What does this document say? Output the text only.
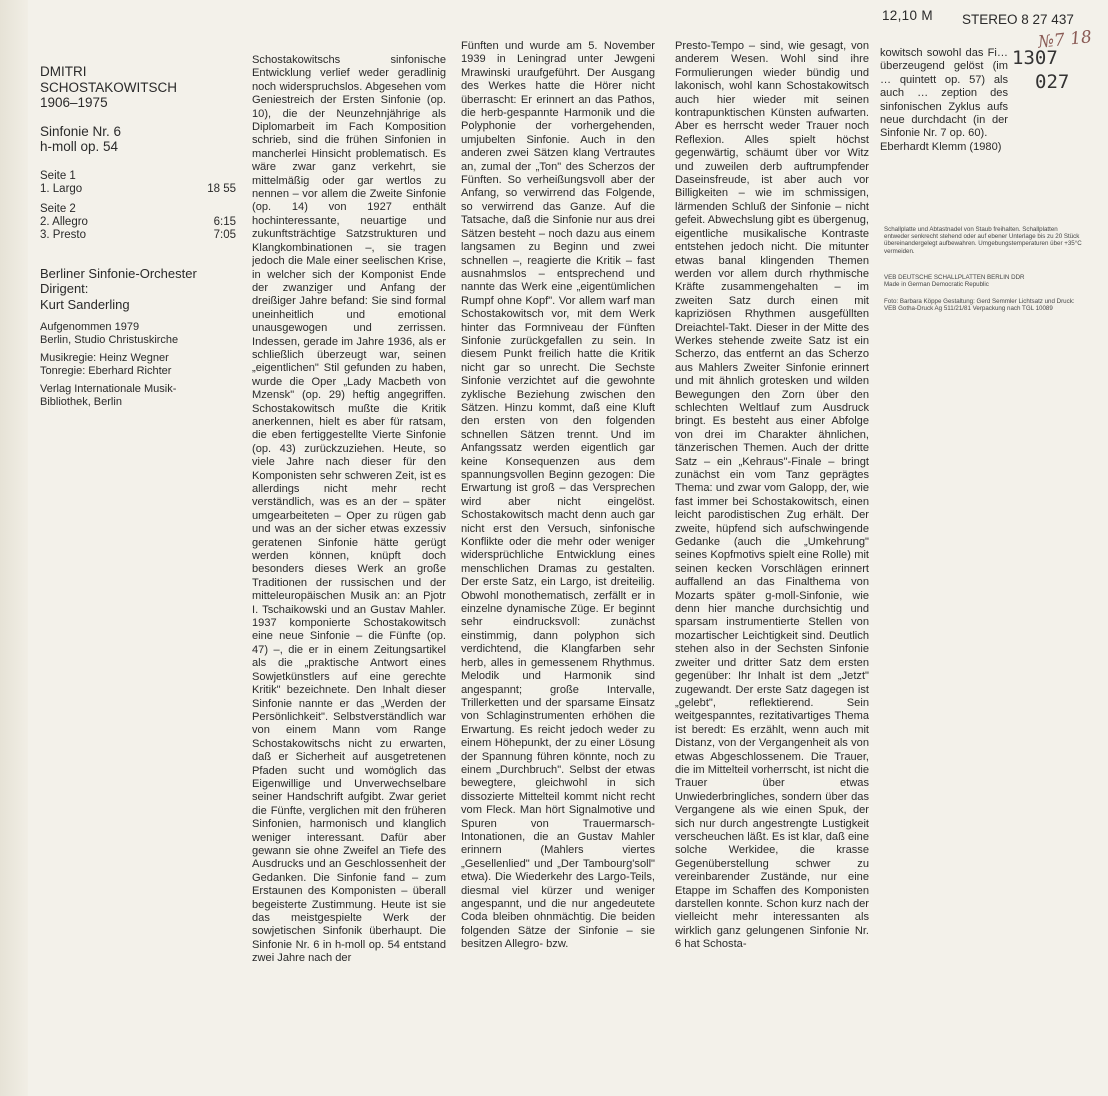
12,10 M	STEREO 8 27 437
№7 18
1307
027
DMITRI
SCHOSTAKOWITSCH
1906–1975
Sinfonie Nr. 6
h-moll op. 54
Seite 1
1. Largo	18 55
Seite 2
2. Allegro	6:15
3. Presto	7:05
Berliner Sinfonie-Orchester
Dirigent:
Kurt Sanderling
Aufgenommen 1979
Berlin, Studio Christuskirche
Musikregie: Heinz Wegner
Tonregie: Eberhard Richter
Verlag Internationale Musik-
Bibliothek, Berlin

Schostakowitschs sinfonische Entwicklung verlief weder geradlinig noch widerspruchslos. Abgesehen vom Geniestreich der Ersten Sinfonie (op. 10), die der Neunzehnjährige als Diplomarbeit im Fach Komposition schrieb, sind die frühen Sinfonien in mancherlei Hinsicht problematisch. Es wäre zwar ganz verkehrt, sie mittelmäßig oder gar wertlos zu nennen – vor allem die Zweite Sinfonie (op. 14) von 1927 enthält hochinteressante, neuartige und zukunftsträchtige Satzstrukturen und Klangkombinationen –, sie tragen jedoch die Male einer seelischen Krise, in welcher sich der Komponist Ende der zwanziger und Anfang der dreißiger Jahre befand: Sie sind formal uneinheitlich und emotional unausgewogen und zerrissen. Indessen, gerade im Jahre 1936, als er schließlich überzeugt war, seinen „eigentlichen" Stil gefunden zu haben, wurde die Oper „Lady Macbeth von Mzensk" (op. 29) heftig angegriffen. Schostakowitsch mußte die Kritik anerkennen, hielt es aber für ratsam, die eben fertiggestellte Vierte Sinfonie (op. 43) zurückzuziehen. Heute, so viele Jahre nach dieser für den Komponisten sehr schweren Zeit, ist es allerdings nicht mehr recht verständlich, was es an der – später umgearbeiteten – Oper zu rügen gab und was an der sicher etwas exzessiv geratenen Sinfonie hätte gerügt werden können, knüpft doch besonders dieses Werk an große Traditionen der russischen und der mitteleuropäischen Musik an: an Pjotr I. Tschaikowski und an Gustav Mahler. 1937 komponierte Schostakowitsch eine neue Sinfonie – die Fünfte (op. 47) –, die er in einem Zeitungsartikel als die „praktische Antwort eines Sowjetkünstlers auf eine gerechte Kritik" bezeichnete. Den Inhalt dieser Sinfonie nannte er das „Werden der Persönlichkeit". Selbstverständlich war von einem Mann vom Range Schostakowitschs nicht zu erwarten, daß er Sicherheit auf ausgetretenen Pfaden sucht und womöglich das Eigenwillige und Unverwechselbare seiner Handschrift aufgibt. Zwar geriet die Fünfte, verglichen mit den früheren Sinfonien, harmonisch und klanglich weniger interessant. Dafür aber gewann sie ohne Zweifel an Tiefe des Ausdrucks und an Geschlossenheit der Gedanken. Die Sinfonie fand – zum Erstaunen des Komponisten – überall begeisterte Zustimmung. Heute ist sie das meistgespielte Werk der sowjetischen Sinfonik überhaupt. Die Sinfonie Nr. 6 in h-moll op. 54 entstand zwei Jahre nach der

Fünften und wurde am 5. November 1939 in Leningrad unter Jewgeni Mrawinski uraufgeführt. Der Ausgang des Werkes hatte die Hörer nicht überrascht: Er erinnert an das Pathos, die herb-gespannte Harmonik und die Polyphonie der vorhergehenden, umjubelten Sinfonie. Auch in den anderen zwei Sätzen klang Vertrautes an, zumal der „Ton" des Scherzos der Fünften. So verheißungsvoll aber der Anfang, so verwirrend das Folgende, so verwirrend das Ganze. Auf die Tatsache, daß die Sinfonie nur aus drei Sätzen besteht – noch dazu aus einem langsamen zu Beginn und zwei schnellen –, reagierte die Kritik – fast ausnahmslos – entsprechend und nannte das Werk eine „eigentümlichen Rumpf ohne Kopf". Vor allem warf man Schostakowitsch vor, mit dem Werk hinter das Formniveau der Fünften Sinfonie zurückgefallen zu sein. In diesem Punkt freilich hatte die Kritik nicht gar so unrecht. Die Sechste Sinfonie verzichtet auf die gewohnte zyklische Beziehung zwischen den Sätzen. Hinzu kommt, daß eine Kluft den ersten von den folgenden schnellen Sätzen trennt. Und im Anfangssatz werden eigentlich gar keine Konsequenzen aus dem spannungsvollen Beginn gezogen: Die Erwartung ist groß – das Versprechen wird aber nicht eingelöst. Schostakowitsch macht denn auch gar nicht erst den Versuch, sinfonische Konflikte oder die mehr oder weniger widersprüchliche Entwicklung eines menschlichen Dramas zu gestalten. Der erste Satz, ein Largo, ist dreiteilig. Obwohl monothematisch, zerfällt er in einzelne dynamische Züge. Er beginnt sehr eindrucksvoll: zunächst einstimmig, dann polyphon sich verdichtend, die Klangfarben sehr herb, alles in gemessenem Rhythmus. Melodik und Harmonik sind angespannt; große Intervalle, Trillerketten und der sparsame Einsatz von Schlaginstrumenten erhöhen die Erwartung. Es reicht jedoch weder zu einem Höhepunkt, der zu einer Lösung der Spannung führen könnte, noch zu einem „Durchbruch". Selbst der etwas bewegtere, gleichwohl in sich dissozierte Mittelteil kommt nicht recht vom Fleck. Man hört Signalmotive und Spuren von Trauermarsch-Intonationen, die an Gustav Mahler erinnern (Mahlers viertes „Gesellenlied" und „Der Tambourg'soll" etwa). Die Wiederkehr des Largo-Teils, diesmal viel kürzer und weniger angespannt, und die nur angedeutete Coda bleiben ohnmächtig. Die beiden folgenden Sätze der Sinfonie – sie besitzen Allegro- bzw.

Presto-Tempo – sind, wie gesagt, von anderem Wesen. Wohl sind ihre Formulierungen wieder bündig und lakonisch, wohl kann Schostakowitsch auch hier wieder mit seinen kontrapunktischen Künsten aufwarten. Aber es herrscht weder Trauer noch Reflexion. Alles spielt höchst gegenwärtig, schäumt über vor Witz und zuweilen derb auftrumpfender Daseinsfreude, ist aber auch vor Billigkeiten – wie im schmissigen, lärmenden Schluß der Sinfonie – nicht gefeit. Abwechslung gibt es übergenug, eigentliche musikalische Kontraste entstehen jedoch nicht. Die mitunter etwas banal klingenden Themen werden vor allem durch rhythmische Kräfte zusammengehalten – im zweiten Satz durch einen mit kapriziösen Rhythmen ausgefüllten Dreiachtel-Takt. Dieser in der Mitte des Werkes stehende zweite Satz ist ein Scherzo, das entfernt an das Scherzo aus Mahlers Zweiter Sinfonie erinnert und mit ähnlich grotesken und wilden Bewegungen den Zorn über den schlechten Weltlauf zum Ausdruck bringt. Es besteht aus einer Abfolge von drei im Charakter ähnlichen, tänzerischen Themen. Auch der dritte Satz – ein „Kehraus"-Finale – bringt zunächst ein vom Tanz geprägtes Thema: und zwar vom Galopp, der, wie fast immer bei Schostakowitsch, einen leicht parodistischen Zug erhält. Der zweite, hüpfend sich aufschwingende Gedanke (auch die „Umkehrung" seines Kopfmotivs spielt eine Rolle) mit seinen kecken Vorschlägen erinnert auffallend an das Finalthema von Mozarts später g-moll-Sinfonie, wie denn hier manche durchsichtig und sparsam instrumentierte Stellen von mozartischer Leichtigkeit sind. Deutlich stehen also in der Sechsten Sinfonie zweiter und dritter Satz dem ersten gegenüber: Ihr Inhalt ist dem „Jetzt" zugewandt. Der erste Satz dagegen ist „gelebt", reflektierend. Sein weitgespanntes, rezitativartiges Thema ist beredt: Es erzählt, wenn auch mit Distanz, von der Vergangenheit als von etwas Abgeschlossenem. Die Trauer, die im Mittelteil vorherrscht, ist nicht die Trauer über etwas Unwiederbringliches, sondern über das Vergangene als wie einen Spuk, der sich nur durch angestrengte Lustigkeit verscheuchen läßt. Es ist klar, daß eine solche Werkidee, die krasse Gegenüberstellung schwer zu vereinbarender Zustände, nur eine Etappe im Schaffen des Komponisten darstellen konnte. Schon kurz nach der vielleicht mehr interessanten als wirklich ganz gelungenen Sinfonie Nr. 6 hat Schosta-

kowitsch sowohl das Fi… überzeugend gelöst (im … quintett op. 57) als auch … zeption des sinfonischen Zyklus aufs neue durchdacht (in der Sinfonie Nr. 7 op. 60).

Eberhardt Klemm (1980)

Schallplatte und Abtastnadel von Staub freihalten. Schallplatten entweder senkrecht stehend oder auf ebener Unterlage bis zu 20 Stück übereinandergelegt aufbewahren. Umgebungstemperaturen über +35°C vermeiden.
VEB DEUTSCHE SCHALLPLATTEN BERLIN DDR
Made in German Democratic Republic
Foto: Barbara Köppe Gestaltung: Gerd Semmler Lichtsatz und Druck: VEB Gotha-Druck Ag 511/21/81 Verpackung nach TGL 10089
